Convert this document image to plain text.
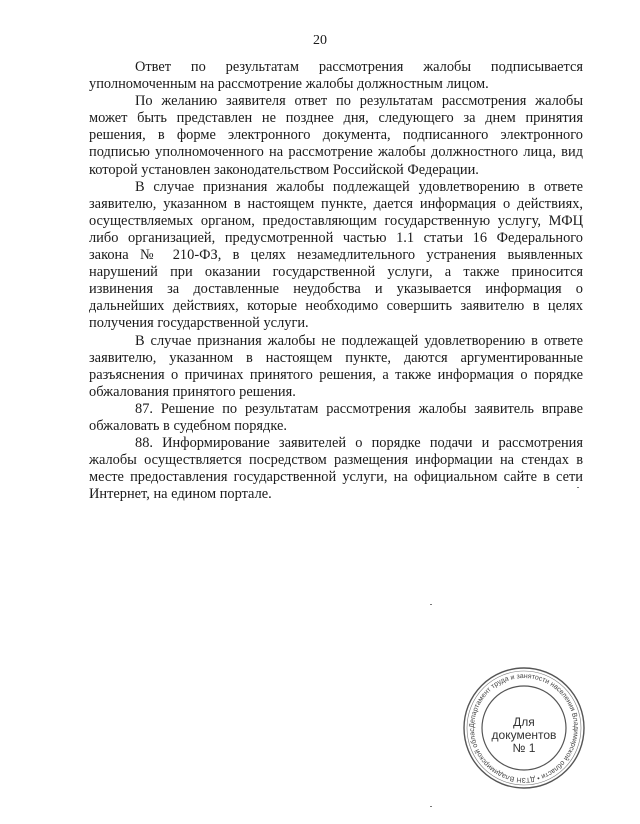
20

Ответ по результатам рассмотрения жалобы подписывается уполномоченным на рассмотрение жалобы должностным лицом.

По желанию заявителя ответ по результатам рассмотрения жалобы может быть представлен не позднее дня, следующего за днем принятия решения, в форме электронного документа, подписанного электронного подписью уполномоченного на рассмотрение жалобы должностного лица, вид которой установлен законодательством Российской Федерации.

В случае признания жалобы подлежащей удовлетворению в ответе заявителю, указанном в настоящем пункте, дается информация о действиях, осуществляемых органом, предоставляющим государственную услугу, МФЦ либо организацией, предусмотренной частью 1.1 статьи 16 Федерального закона № 210-ФЗ, в целях незамедлительного устранения выявленных нарушений при оказании государственной услуги, а также приносится извинения за доставленные неудобства и указывается информация о дальнейших действиях, которые необходимо совершить заявителю в целях получения государственной услуги.

В случае признания жалобы не подлежащей удовлетворению в ответе заявителю, указанном в настоящем пункте, даются аргументированные разъяснения о причинах принятого решения, а также информация о порядке обжалования принятого решения.

87. Решение по результатам рассмотрения жалобы заявитель вправе обжаловать в судебном порядке.

88. Информирование заявителей о порядке подачи и рассмотрения жалобы осуществляется посредством размещения информации на стендах в месте предоставления государственной услуги, на официальном сайте в сети Интернет, на едином портале.

Департамент труда и занятости населения Владимирской области • ДТЗН Владимирской облас
Для
документов
№ 1
